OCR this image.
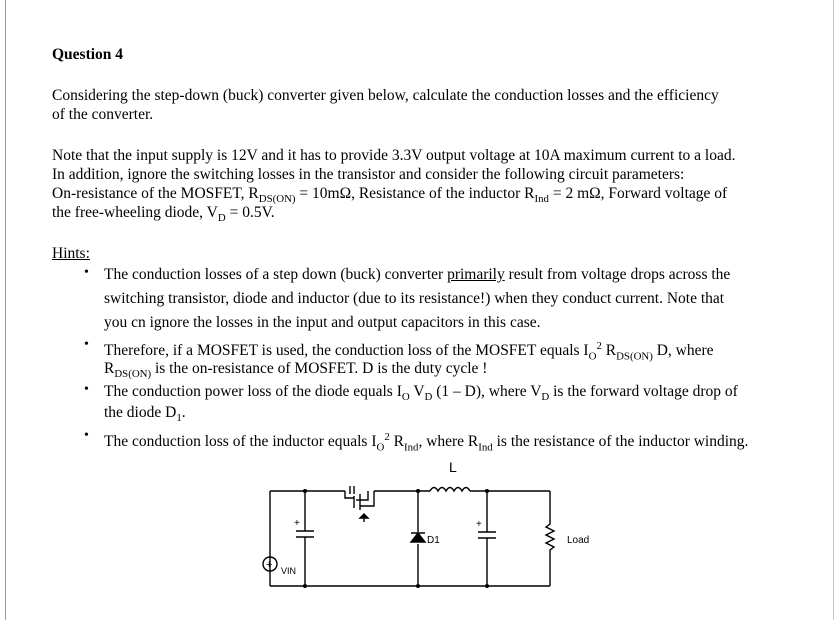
Question 4
Considering the step-down (buck) converter given below, calculate the conduction losses and the efficiency
of the converter.
Note that the input supply is 12V and it has to provide 3.3V output voltage at 10A maximum current to a load.
In addition, ignore the switching losses in the transistor and consider the following circuit parameters:
On-resistance of the MOSFET, $R_{DS(ON)} = 10m\Omega$, Resistance of the inductor $R_{Ind} = 2$ mΩ, Forward voltage of
the free-wheeling diode, $V_D = 0.5V$.
Hints:
• The conduction losses of a step down (buck) converter primarily result from voltage drops across the
switching transistor, diode and inductor (due to its resistance!) when they conduct current. Note that
you cn ignore the losses in the input and output capacitors in this case.
• Therefore, if a MOSFET is used, the conduction loss of the MOSFET equals $I_O^2$ $R_{DS(ON)}$ D, where
$R_{DS(ON)}$ is the on-resistance of MOSFET. D is the duty cycle !
• The conduction power loss of the diode equals $I_O$ $V_D$ (1 – D), where $V_D$ is the forward voltage drop of
the diode $D_1$.
• The conduction loss of the inductor equals $I_O^2$ $R_{Ind}$, where $R_{Ind}$ is the resistance of the inductor winding.
L
D1	Load
VIN
+
+	+
